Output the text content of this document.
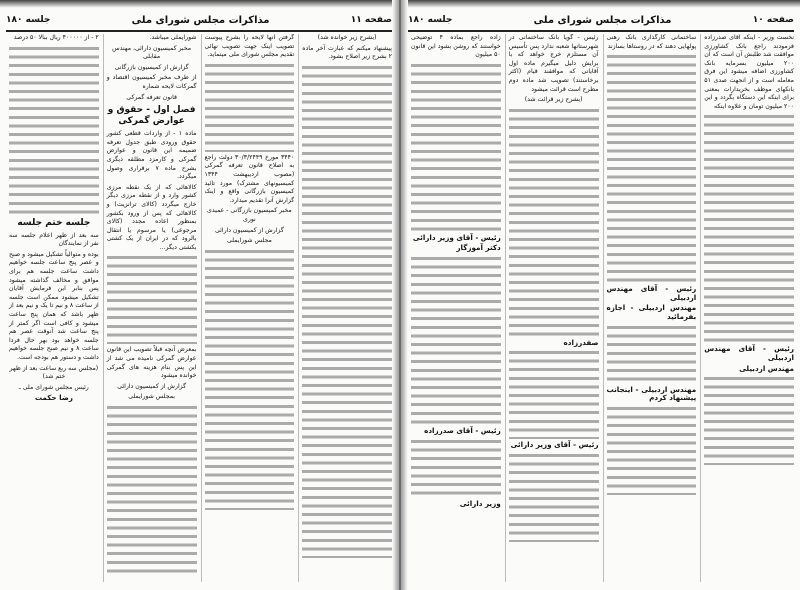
صفحه ۱۱
مذاکرات مجلس شورای ملی
جلسه ۱۸۰

(بشرح زیر خوانده شد)

پیشنهاد میکنم که عبارت آخر ماده ۲ بشرح زیر اصلاح بشود.

گرفتن آنها لایحه را بشرح پیوست تصویب اینک جهت تصویب نهائی تقدیم مجلس شورای ملی مینماید.

۳۴۴۰ مورخ ۳۰/۳/۲۴۴۹ دولت راجع به اصلاح قانون تعرفه گمرکی (مصوب اردیبهشت ۱۳۴۴ کمیسیونهای مشترک) مورد تائید کمیسیون بازرگانی واقع و اینک گزارش آنرا تقدیم میدارد.

مخبر کمیسیون بازرگانی - عمیدی نوری

گزارش از کمیسیون دارائی

مجلس شورایملی

شورایملی میباشد.

مخبر کمیسیون دارائی، مهندس مقابلی

گزارش از کمیسیون بازرگانی

از طرف مخبر کمیسیون اقتصاد و گمرکات لایحه شماره

قانون تعرفه گمرکی

فصل اول - حقوق و عوارض گمرکی

ماده ۱ - از واردات قطعی کشور حقوق ورودی طبق جدول تعرفه ضمیمه این قانون و عوارض گمرکی و کارمزد مطلقه دیگری بشرح ماده ۷ برقراری وصول میگردد.

کالاهائی که از یک نقطه مرزی کشور وارد و از نقطه مرزی دیگر خارج میگردد (کالای ترانزیت) و کالاهائی که پس از ورود بکشور بمنظور اعاده مجدد (کالای مرجوعی) یا مرسوم یا انتقال بالرود که در ایران از یک کشتی بکشتی دیگر...

بمعرض آنچه قبلاً تصویب این قانون عوارض گمرکی نامیده می شد از این پس بنام هزینه های گمرکی خوانده میشود

گزارش از کمیسیون دارائی

بمجلس شورایملی

۲ - از ۴۰۰۰۰۰ ریال ببالا ۵۰ درصد

جلسه ختم جلسه

سه بعد از ظهر اعلام جلسه سه نفر از نمایندگان

بوده و متوالیاً تشکیل میشود و صبح و عصر پنج ساعت جلسه خواهیم داشت ساعت جلسه هم برای موافق و مخالف گذاشته میشود پس بنابر این فرمایش آقایان تشکیل میشود ممکن است جلسه از ساعت ۸ و نیم تا یک و نیم بعد از ظهر باشد که همان پنج ساعت میشود و کافی است اگر کمتر از پنج ساعت شد آنوقت عصر هم جلسه خواهد بود بهر حال فردا ساعت ۸ و نیم صبح جلسه خواهیم داشت و دستور هم بودجه است.

(مجلس سه ربع ساعت بعد از ظهر ختم شد)

رئیس مجلس شورای ملی ـ

رضا حکمت

صفحه ۱۰
مذاکرات مجلس شورای ملی
جلسه ۱۸۰

نخست وزیر - اینکه آقای صدرزاده فرمودند راجع بانک کشاورزی موافقت شد طلبش آن است که آن ۲۰۰ میلیون بسرمایه بانک کشاورزی اضافه میشود این فرق معامله است و از انجهت صدی ۵۱ بانکهای موظف بخریدارات بمعنی برای اینکه این دستگاه بگردد و این ۲۰۰ میلیون تومان و علاوه اینکه

رئیس - آقای مهندس اردبیلی

مهندس اردبیلی

ساختمانی کارگذاری بانک رهنی پولهایی دهند که در روستاها بسازند

رئیس - آقای مهندس اردبیلی

مهندس اردبیلی - اجازه بفرمائید

مهندس اردبیلی - اینجانب پیشنهاد کردم

رئیس - گویا بانک ساختمانی در شهرستانها شعبه ندارد پس تأسیس آن مستلزم خرج خواهد که با برایش دلیل میگیرم ماده اول آقایانی که موافقند قیام (اکثر برخاستند) تصویب شد ماده دوم مطرح است قرائت میشود

(بشرح زیر قرائت شد)

صفدرزاده

رئیس - آقای وزیر دارائی

زاده راجع بماده ۴ توضیحی خواستند که روشن بشود این قانون ۵۰ میلیون

رئیس - آقای وزیر دارائی

دکتر آموزگار

رئیس - آقای صدرزاده

وزیر دارائی
